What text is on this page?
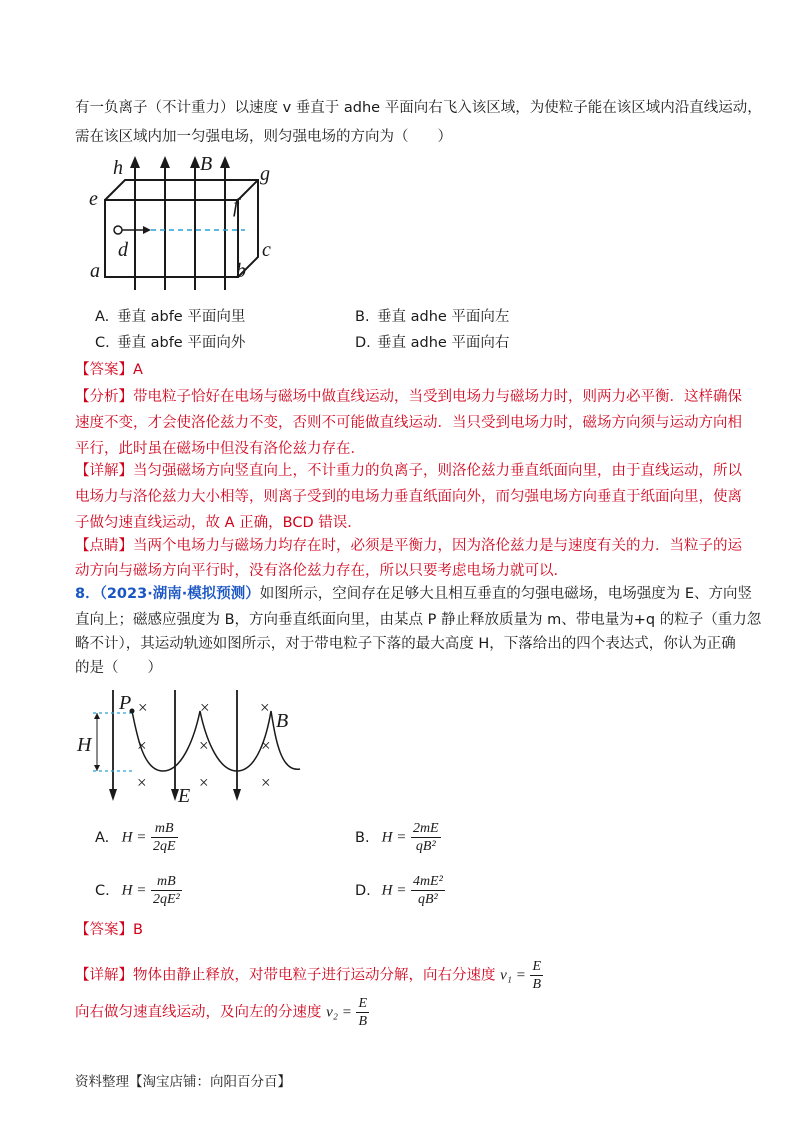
有一负离子（不计重力）以速度 v 垂直于 adhe 平面向右飞入该区域，为使粒子能在该区域内沿直线运动，
需在该区域内加一匀强电场，则匀强电场的方向为（　　）
h	B g
e	f
d	c
a	b
A. 垂直 abfe 平面向里	B. 垂直 adhe 平面向左
C. 垂直 abfe 平面向外	D. 垂直 adhe 平面向右
【答案】A
【分析】带电粒子恰好在电场与磁场中做直线运动，当受到电场力与磁场力时，则两力必平衡．这样确保
速度不变，才会使洛伦兹力不变，否则不可能做直线运动．当只受到电场力时，磁场方向须与运动方向相
平行，此时虽在磁场中但没有洛伦兹力存在．
【详解】当匀强磁场方向竖直向上，不计重力的负离子，则洛伦兹力垂直纸面向里，由于直线运动，所以
电场力与洛伦兹力大小相等，则离子受到的电场力垂直纸面向外，而匀强电场方向垂直于纸面向里，使离
子做匀速直线运动，故 A 正确，BCD 错误．
【点睛】当两个电场力与磁场力均存在时，必须是平衡力，因为洛伦兹力是与速度有关的力．当粒子的运
动方向与磁场方向平行时，没有洛伦兹力存在，所以只要考虑电场力就可以．
8．（2023·湖南·模拟预测）如图所示，空间存在足够大且相互垂直的匀强电磁场，电场强度为 E、方向竖
直向上；磁感应强度为 B，方向垂直纸面向里，由某点 P 静止释放质量为 m、带电量为+q 的粒子（重力忽
略不计），其运动轨迹如图所示，对于带电粒子下落的最大高度 H，下落给出的四个表达式，你认为正确
的是（　　）
×	×	×
×	×	×
×	×	×
P
H
B
E
A. $H = \frac{mB}{2qE}$	B. $H = \frac{2mE}{\text{qB²}}$
C. $H = \frac{mB}{\text{2qE²}}$	D. $H = \frac{\text{4mE²}}{\text{qB²}}$
【答案】B
【详解】物体由静止释放，对带电粒子进行运动分解，向右分速度 $v_1 = \frac{E}{B}$
向右做匀速直线运动，及向左的分速度 $v_2 = \frac{E}{B}$
资料整理【淘宝店铺：向阳百分百】
